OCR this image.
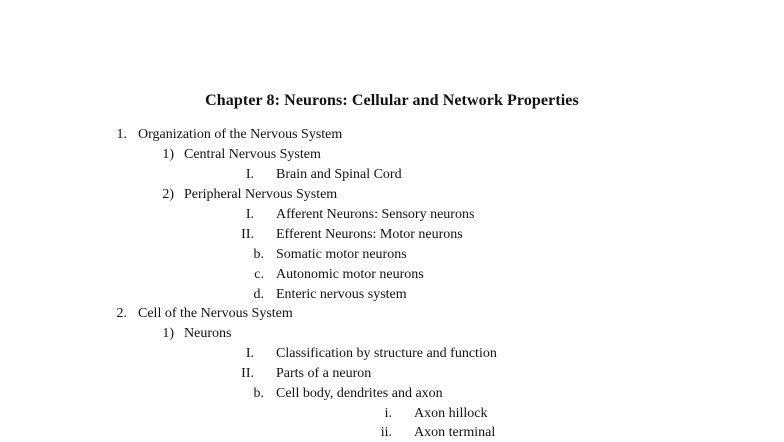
Chapter 8: Neurons: Cellular and Network Properties
1. Organization of the Nervous System
1) Central Nervous System
I. Brain and Spinal Cord
2) Peripheral Nervous System
I. Afferent Neurons: Sensory neurons
II. Efferent Neurons: Motor neurons
b. Somatic motor neurons
c. Autonomic motor neurons
d. Enteric nervous system
2. Cell of the Nervous System
1) Neurons
I. Classification by structure and function
II. Parts of a neuron
b. Cell body, dendrites and axon
i. Axon hillock
ii. Axon terminal
